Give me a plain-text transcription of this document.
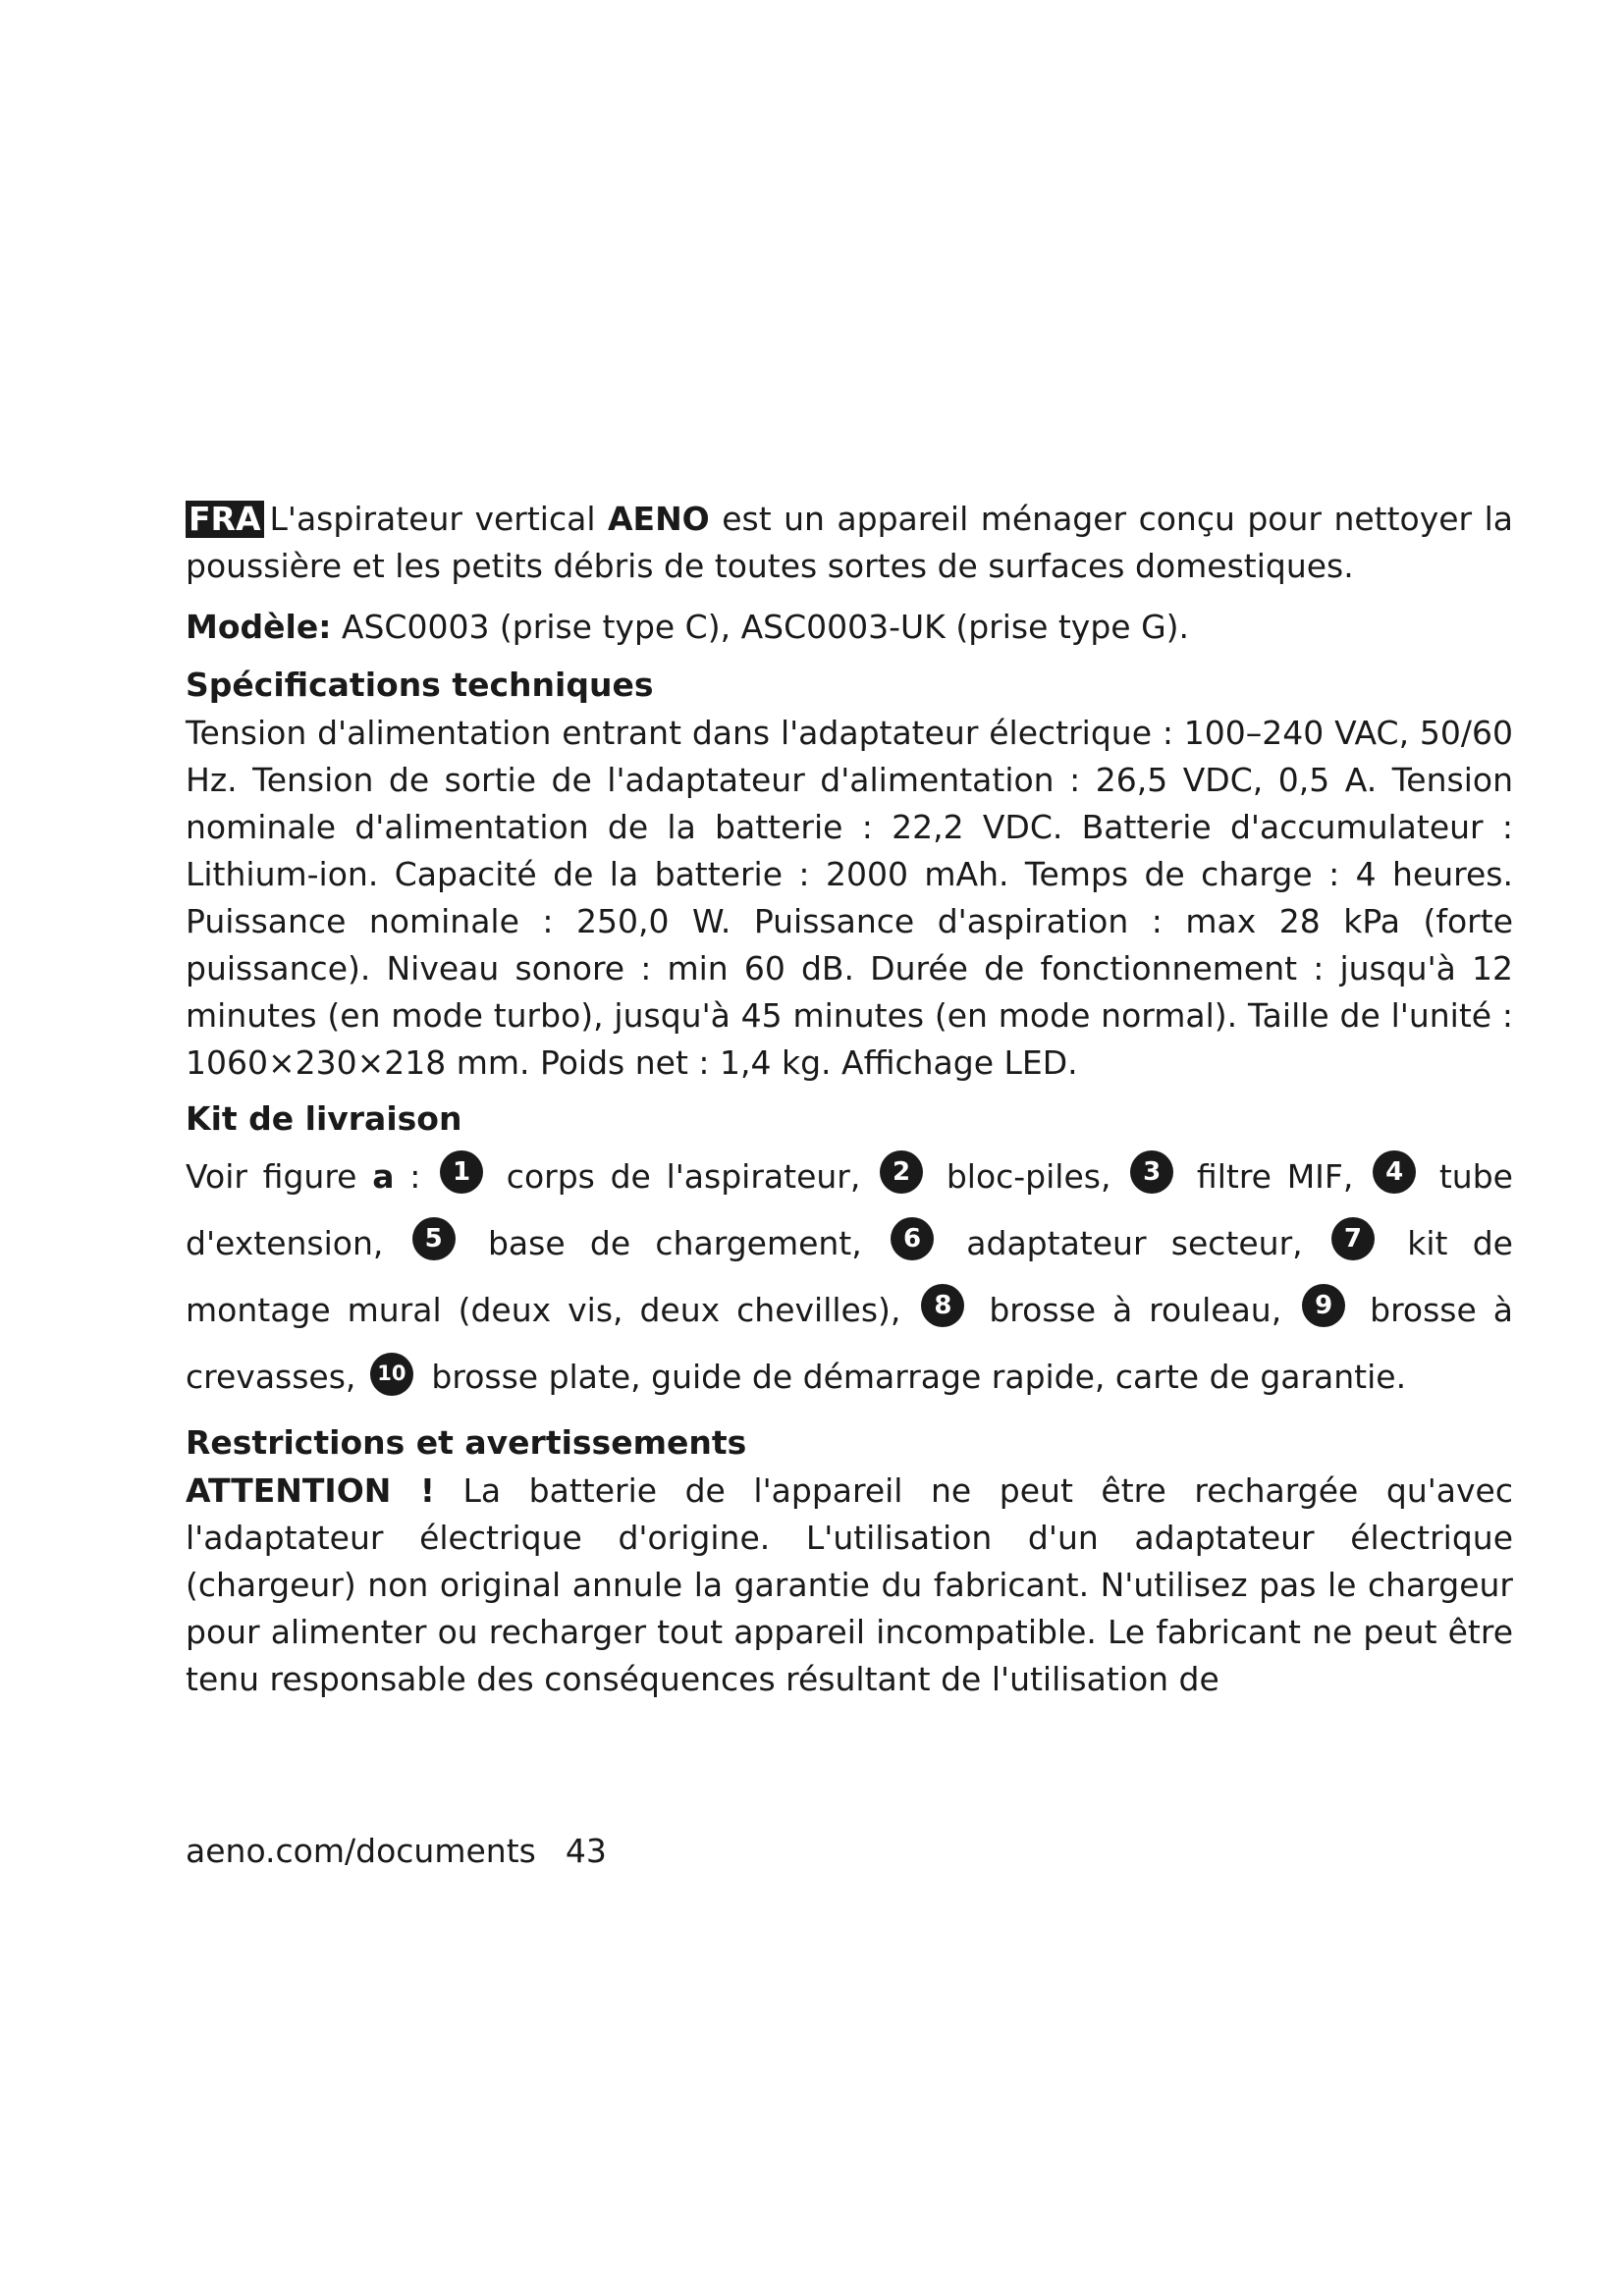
FRA L'aspirateur vertical AENO est un appareil ménager conçu pour nettoyer la poussière et les petits débris de toutes sortes de surfaces domestiques.

Modèle: ASC0003 (prise type C), ASC0003-UK (prise type G).

Spécifications techniques

Tension d'alimentation entrant dans l'adaptateur électrique : 100–240 VAC, 50/60 Hz. Tension de sortie de l'adaptateur d'alimentation : 26,5 VDC, 0,5 A. Tension nominale d'alimentation de la batterie : 22,2 VDC. Batterie d'accumulateur : Lithium-ion. Capacité de la batterie : 2000 mAh. Temps de charge : 4 heures. Puissance nominale : 250,0 W. Puissance d'aspiration : max 28 kPa (forte puissance). Niveau sonore : min 60 dB. Durée de fonctionnement : jusqu'à 12 minutes (en mode turbo), jusqu'à 45 minutes (en mode normal). Taille de l'unité : 1060×230×218 mm. Poids net : 1,4 kg. Affichage LED.

Kit de livraison

Voir figure a : 1 corps de l'aspirateur, 2 bloc-piles, 3 filtre MIF, 4 tube d'extension, 5 base de chargement, 6 adaptateur secteur, 7 kit de montage mural (deux vis, deux chevilles), 8 brosse à rouleau, 9 brosse à crevasses, 10 brosse plate, guide de démarrage rapide, carte de garantie.

Restrictions et avertissements

ATTENTION ! La batterie de l'appareil ne peut être rechargée qu'avec l'adaptateur électrique d'origine. L'utilisation d'un adaptateur électrique (chargeur) non original annule la garantie du fabricant. N'utilisez pas le chargeur pour alimenter ou recharger tout appareil incompatible. Le fabricant ne peut être tenu responsable des conséquences résultant de l'utilisation de

aeno.com/documents 43
